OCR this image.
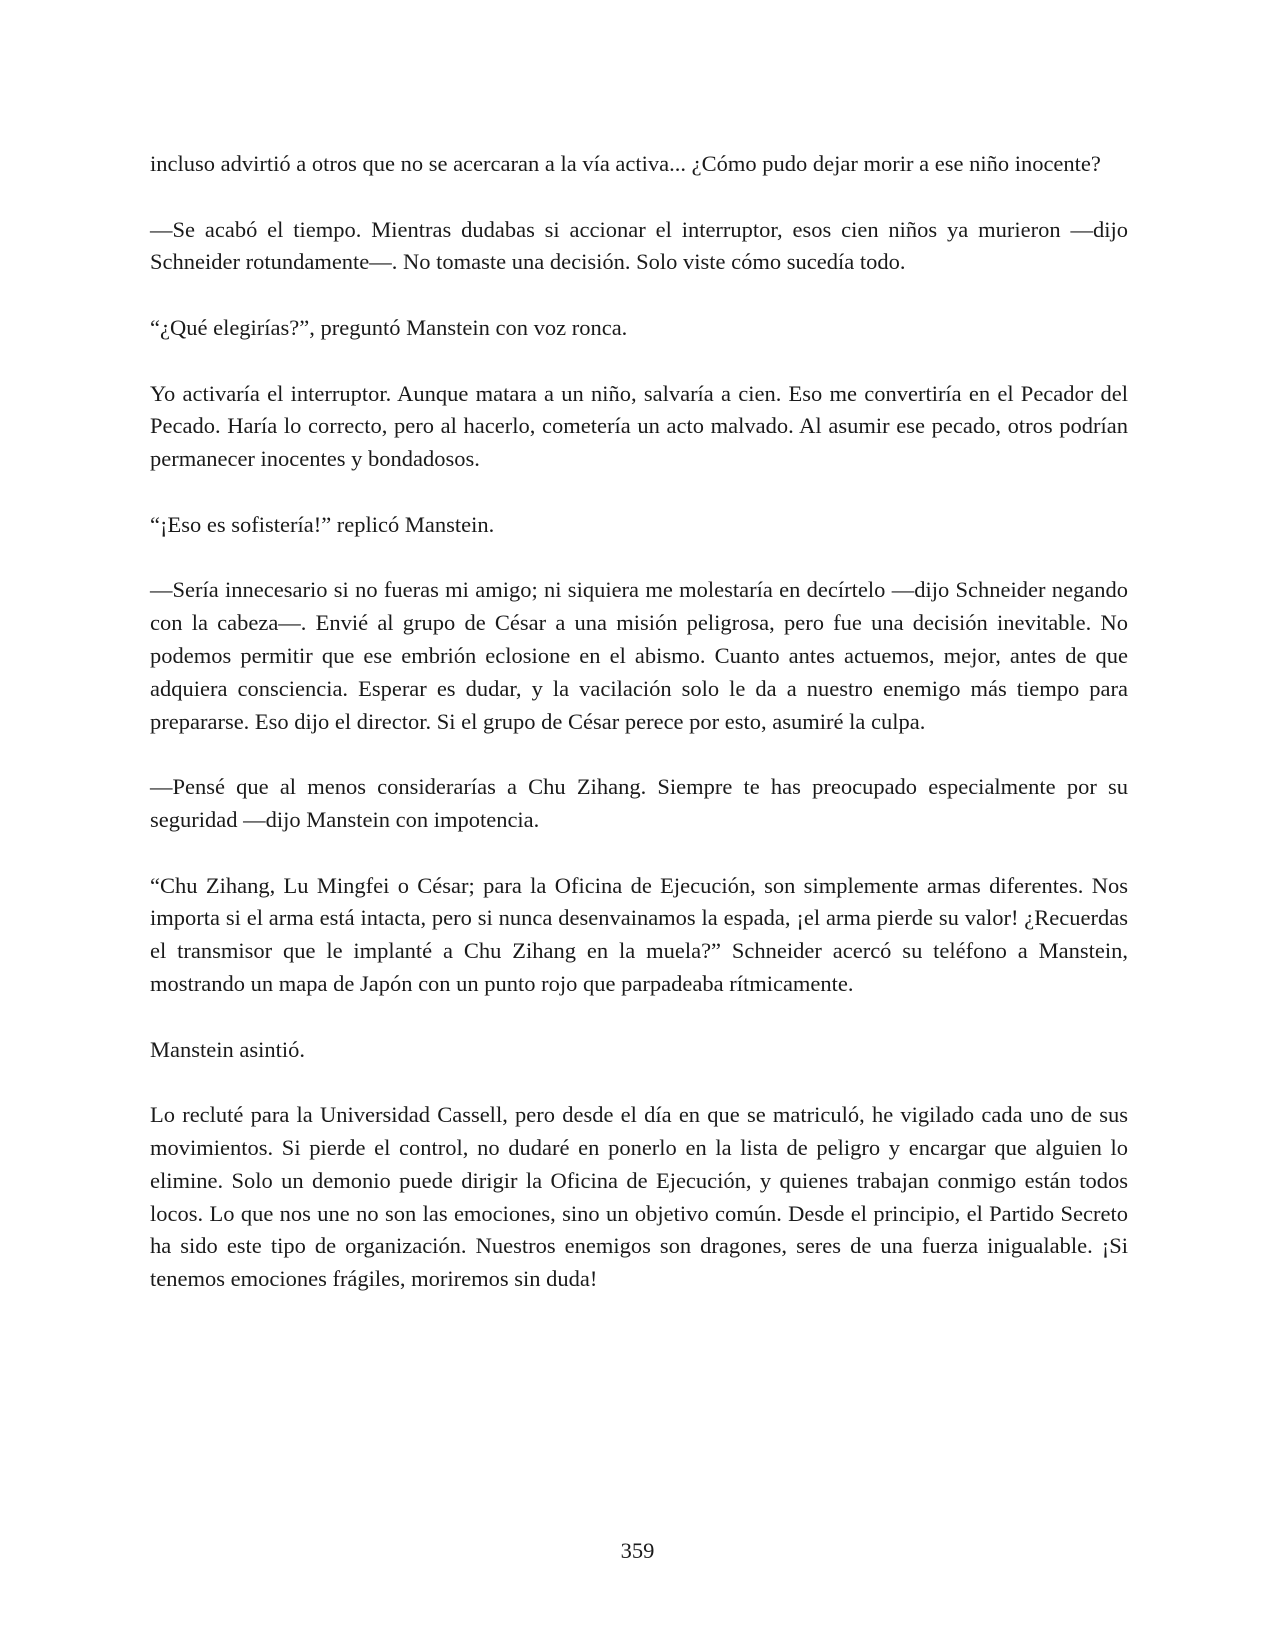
incluso advirtió a otros que no se acercaran a la vía activa... ¿Cómo pudo dejar morir a ese niño inocente?

—Se acabó el tiempo. Mientras dudabas si accionar el interruptor, esos cien niños ya murieron —dijo Schneider rotundamente—. No tomaste una decisión. Solo viste cómo sucedía todo.

“¿Qué elegirías?”, preguntó Manstein con voz ronca.

Yo activaría el interruptor. Aunque matara a un niño, salvaría a cien. Eso me convertiría en el Pecador del Pecado. Haría lo correcto, pero al hacerlo, cometería un acto malvado. Al asumir ese pecado, otros podrían permanecer inocentes y bondadosos.

“¡Eso es sofistería!” replicó Manstein.

—Sería innecesario si no fueras mi amigo; ni siquiera me molestaría en decírtelo —dijo Schneider negando con la cabeza—. Envié al grupo de César a una misión peligrosa, pero fue una decisión inevitable. No podemos permitir que ese embrión eclosione en el abismo. Cuanto antes actuemos, mejor, antes de que adquiera consciencia. Esperar es dudar, y la vacilación solo le da a nuestro enemigo más tiempo para prepararse. Eso dijo el director. Si el grupo de César perece por esto, asumiré la culpa.

—Pensé que al menos considerarías a Chu Zihang. Siempre te has preocupado especialmente por su seguridad —dijo Manstein con impotencia.

“Chu Zihang, Lu Mingfei o César; para la Oficina de Ejecución, son simplemente armas diferentes. Nos importa si el arma está intacta, pero si nunca desenvainamos la espada, ¡el arma pierde su valor! ¿Recuerdas el transmisor que le implanté a Chu Zihang en la muela?” Schneider acercó su teléfono a Manstein, mostrando un mapa de Japón con un punto rojo que parpadeaba rítmicamente.

Manstein asintió.

Lo recluté para la Universidad Cassell, pero desde el día en que se matriculó, he vigilado cada uno de sus movimientos. Si pierde el control, no dudaré en ponerlo en la lista de peligro y encargar que alguien lo elimine. Solo un demonio puede dirigir la Oficina de Ejecución, y quienes trabajan conmigo están todos locos. Lo que nos une no son las emociones, sino un objetivo común. Desde el principio, el Partido Secreto ha sido este tipo de organización. Nuestros enemigos son dragones, seres de una fuerza inigualable. ¡Si tenemos emociones frágiles, moriremos sin duda!

359
